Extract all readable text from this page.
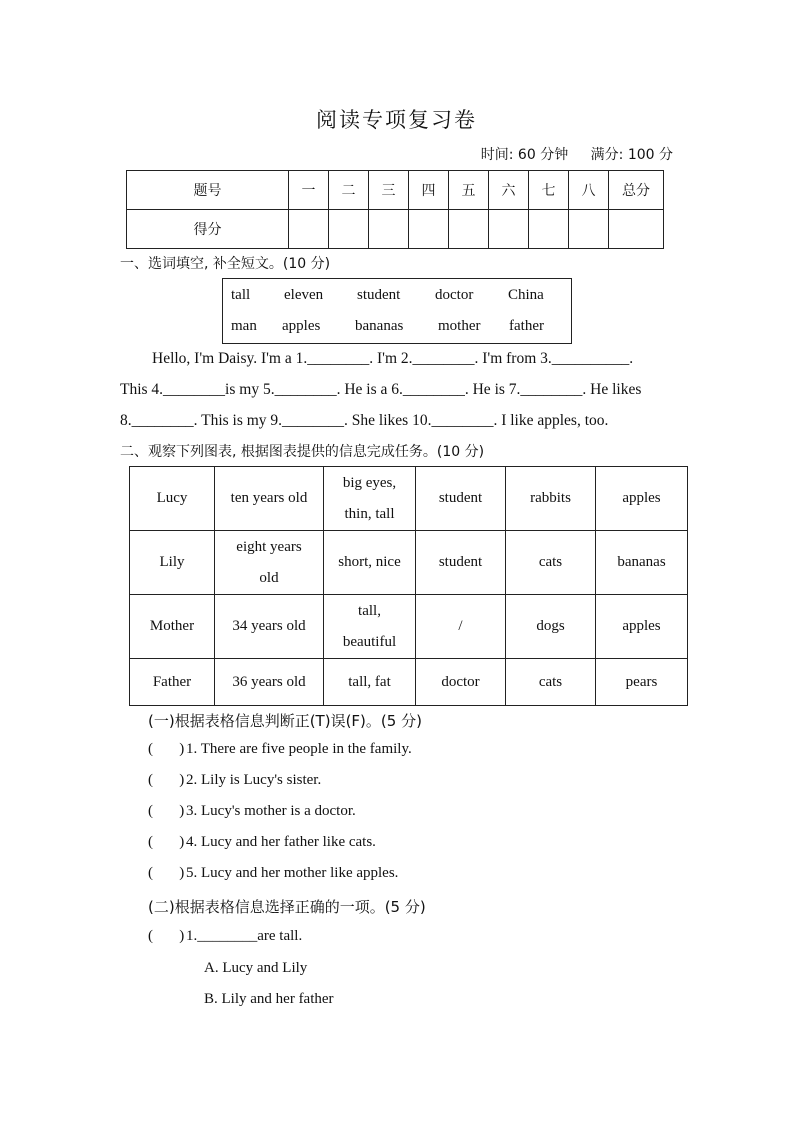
阅读专项复习卷
时间: 60 分钟 满分: 100 分
题号	一	二	三	四	五	六	七	八	总分
得分									
一、选词填空, 补全短文。(10 分)
tall eleven student doctor China
man apples bananas mother father
Hello, I'm Daisy. I'm a 1.________. I'm 2.________. I'm from 3.__________.
This 4.________is my 5.________. He is a 6.________. He is 7.________. He likes
8.________. This is my 9.________. She likes 10.________. I like apples, too.
二、观察下列图表, 根据图表提供的信息完成任务。(10 分)
Lucy	ten years old	big eyes,
thin, tall	student	rabbits	apples

Lily	eight years
old	short, nice	student	cats	bananas

Mother	34 years old	tall,
beautiful	/	dogs	apples

Father	36 years old	tall, fat	doctor	cats	pears
(一)根据表格信息判断正(T)误(F)。(5 分)
(       ) 1. There are five people in the family.
(       ) 2. Lily is Lucy's sister.
(       ) 3. Lucy's mother is a doctor.
(       ) 4. Lucy and her father like cats.
(       ) 5. Lucy and her mother like apples.
(二)根据表格信息选择正确的一项。(5 分)
( ) 1.________are tall.
A. Lucy and Lily
B. Lily and her father
